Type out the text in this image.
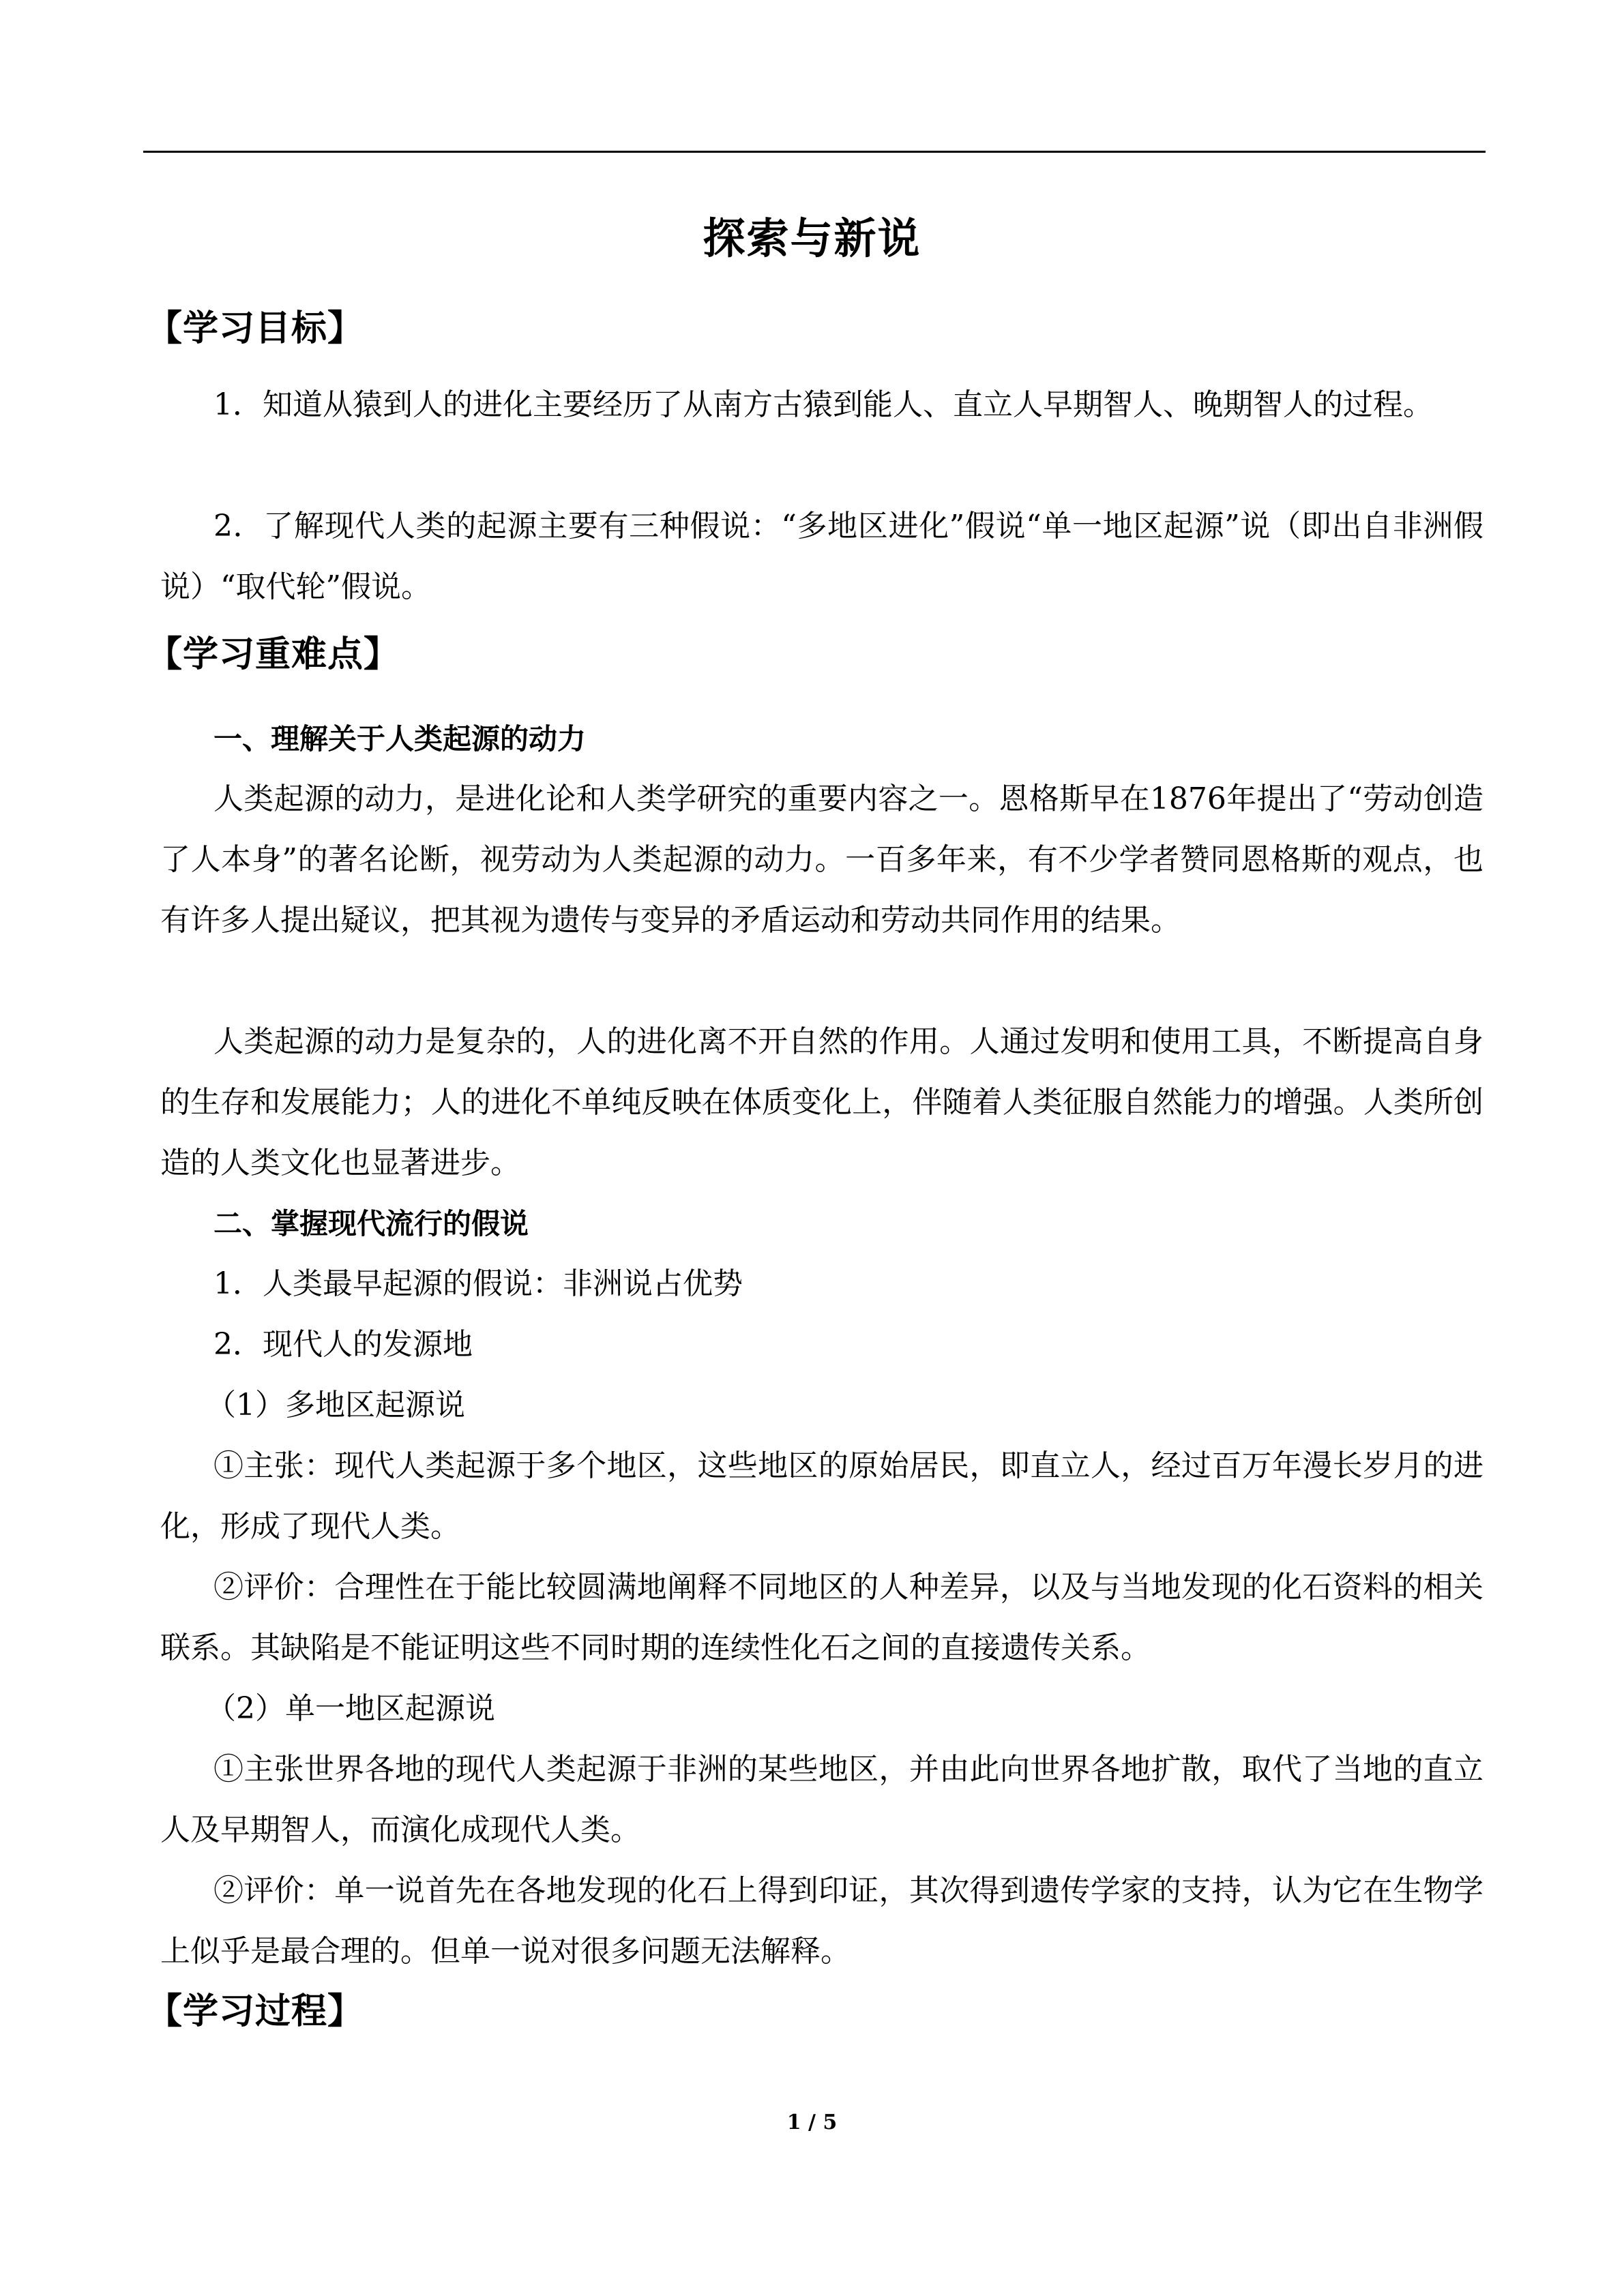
探索与新说
【学习目标】

1．知道从猿到人的进化主要经历了从南方古猿到能人、直立人早期智人、晚期智人的过程。

2．了解现代人类的起源主要有三种假说：“多地区进化”假说“单一地区起源”说（即出自非洲假说）“取代轮”假说。

【学习重难点】
一、理解关于人类起源的动力

人类起源的动力，是进化论和人类学研究的重要内容之一。恩格斯早在1876年提出了“劳动创造了人本身”的著名论断，视劳动为人类起源的动力。一百多年来，有不少学者赞同恩格斯的观点，也有许多人提出疑议，把其视为遗传与变异的矛盾运动和劳动共同作用的结果。

人类起源的动力是复杂的，人的进化离不开自然的作用。人通过发明和使用工具，不断提高自身的生存和发展能力；人的进化不单纯反映在体质变化上，伴随着人类征服自然能力的增强。人类所创造的人类文化也显著进步。

二、掌握现代流行的假说
1．人类最早起源的假说：非洲说占优势
2．现代人的发源地
（1）多地区起源说

①主张：现代人类起源于多个地区，这些地区的原始居民，即直立人，经过百万年漫长岁月的进化，形成了现代人类。

②评价：合理性在于能比较圆满地阐释不同地区的人种差异，以及与当地发现的化石资料的相关联系。其缺陷是不能证明这些不同时期的连续性化石之间的直接遗传关系。

（2）单一地区起源说

①主张世界各地的现代人类起源于非洲的某些地区，并由此向世界各地扩散，取代了当地的直立人及早期智人，而演化成现代人类。

②评价：单一说首先在各地发现的化石上得到印证，其次得到遗传学家的支持，认为它在生物学上似乎是最合理的。但单一说对很多问题无法解释。

【学习过程】
1 / 5
